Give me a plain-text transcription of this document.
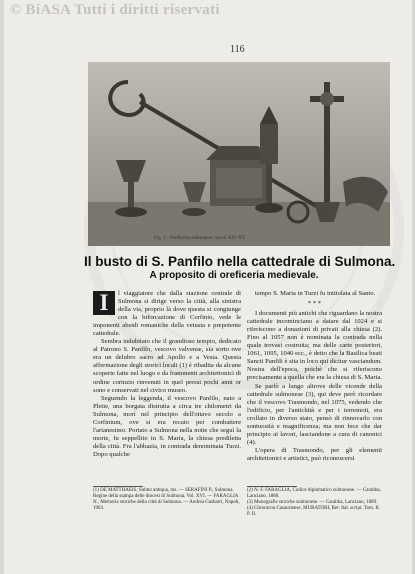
© BiASA Tutti i diritti riservati
116
Fig. 1 - Oreficeria sulmonese, secoli XIV-XV
Il busto di S. Panfilo nella cattedrale di Sulmona.
A proposito di oreficeria medievale.
I	l viaggiatore che dalla stazione centrale di Sulmona si dirige verso la città, alla sinistra della via, proprio là dove questa si congiunge con la biforcazione di Corfinio, vede le imponenti absidi romaniche della vetusta e prepotente cattedrale.

Sembra indubitato che il grandioso tempio, dedicato al Patrono S. Panfilo, vescovo valvense, sia sorto ove era un delubro sacro ad Apollo e a Vesta. Questa affermazione degli storici locali (1) è ribadita da alcune scoperte fatte nel luogo e da frammenti architettonici di ordine corinzio rinvenuti in quel pressi pochi anni or sono e conservati nel civico museo.

Seguendo la leggenda, il vescovo Panfilo, nato a Pletie, una borgata distrutta a circa tre chilometri da Sulmona, morì nel principio dell'ottavo secolo a Corfinium, ove si era recato per combattere l'arianesimo. Portato a Sulmona nella notte che seguì la morte, fu seppellito in S. Maria, la chiesa prediletta della città. Fra l'abbazia, in contrada denominata Turzi. Dopo qualche

tempo S. Maria in Turzi fu intitolata al Santo.

* * *

I documenti più antichi che riguardano la nostra cattedrale incominciano a datare dal 1024 e si riferiscono a donazioni di privati alla chiesa (2). Fino al 1057 non è nominata la contrada nella quale trovasi costruita; ma delle carte posteriori, 1061, 1095, 1040 ecc., è detto che la Basilica beati Sancti Panfili è sita in loco qui dicitur vasciandum. Nostra dell'epoca, poichè che si riferiscono precisamente a quella che era la chiesa di S. Maria.

Se parlò a lungo altrove delle vicende della cattedrale sulmonese (3), qui deve però ricordare che il vescovo Trasmondo, nel 1075, vedendo che l'edificio, per l'antichità e per i terremoti, era crollato in diverso stato, pensò di rinnovarlo con sontuosità e magnificenza; ma non fece che dar principio ai lavori, lasciandone a cura di canonici (4).

L'opera di Trasmondo, per gli elementi architettonici e artistici, può riconoscersi

(1) DE MATTHAEIS, Sulmo antiqua, ms. — SERAFINI P., Sulmona. Regine della stampa delle diocesi di Sulmona. Vol. XVI. — FARAGLIA N., Memorie storiche della città di Sulmona. — Andrea Gasbarri, Napoli, 1903.

(2) N. F. FARAGLIA, Codice diplomatico sulmonese. — Carabba, Lanciano, 1888.

(3) Monografie storiche sulmonese. — Carabba, Lanciano, 1889.

(4) Chronicon Casauriense, MURATORI, Rer. Ital. script. Tom. II. P. II.
